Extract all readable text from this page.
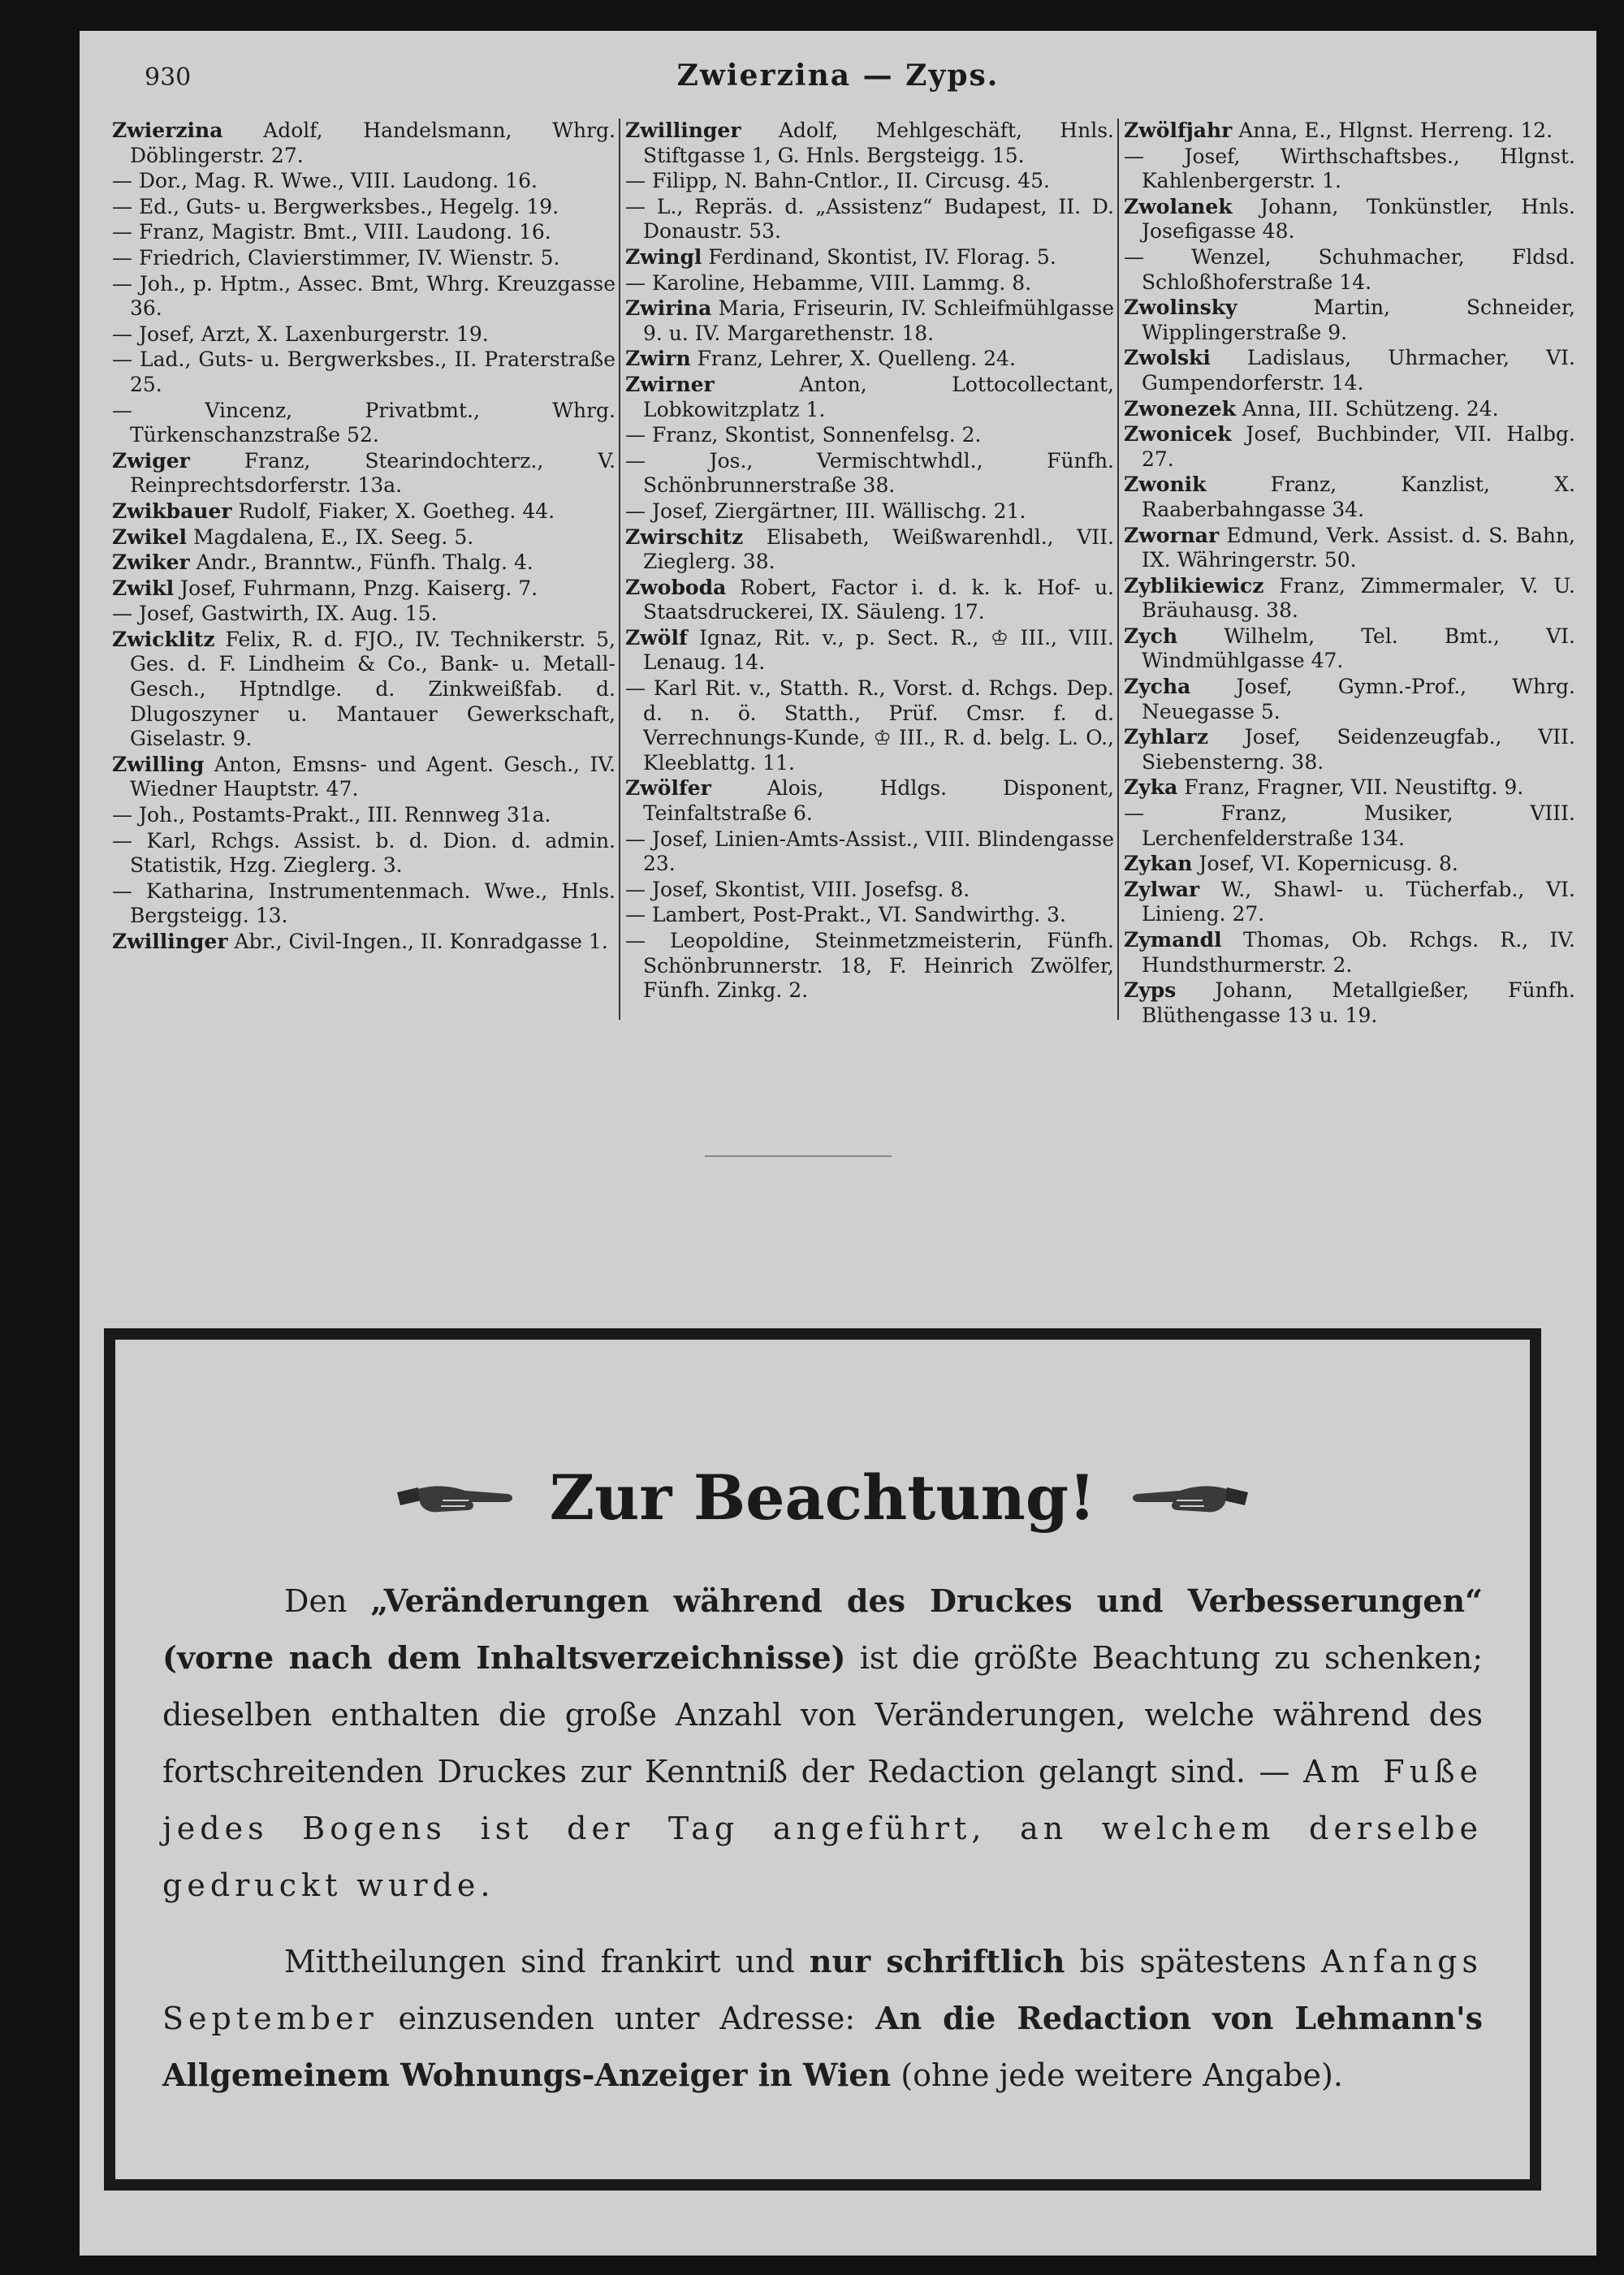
930	Zwierzina — Zyps.
Zwierzina Adolf, Handelsmann, Whrg. Döblingerstr. 27.
— Dor., Mag. R. Wwe., VIII. Laudong. 16.
— Ed., Guts- u. Bergwerksbes., Hegelg. 19.
— Franz, Magistr. Bmt., VIII. Laudong. 16.
— Friedrich, Clavierstimmer, IV. Wienstr. 5.
— Joh., p. Hptm., Assec. Bmt, Whrg. Kreuzgasse 36.
— Josef, Arzt, X. Laxenburgerstr. 19.
— Lad., Guts- u. Bergwerksbes., II. Praterstraße 25.
— Vincenz, Privatbmt., Whrg. Türkenschanzstraße 52.
Zwiger Franz, Stearindochterz., V. Reinprechtsdorferstr. 13a.
Zwikbauer Rudolf, Fiaker, X. Goetheg. 44.
Zwikel Magdalena, E., IX. Seeg. 5.
Zwiker Andr., Branntw., Fünfh. Thalg. 4.
Zwikl Josef, Fuhrmann, Pnzg. Kaiserg. 7.
— Josef, Gastwirth, IX. Aug. 15.
Zwicklitz Felix, R. d. FJO., IV. Technikerstr. 5, Ges. d. F. Lindheim & Co., Bank- u. Metall-Gesch., Hptndlge. d. Zinkweißfab. d. Dlugoszyner u. Mantauer Gewerkschaft, Giselastr. 9.
Zwilling Anton, Emsns- und Agent. Gesch., IV. Wiedner Hauptstr. 47.
— Joh., Postamts-Prakt., III. Rennweg 31a.
— Karl, Rchgs. Assist. b. d. Dion. d. admin. Statistik, Hzg. Zieglerg. 3.
— Katharina, Instrumentenmach. Wwe., Hnls. Bergsteigg. 13.
Zwillinger Abr., Civil-Ingen., II. Konradgasse 1.
Zwillinger Adolf, Mehlgeschäft, Hnls. Stiftgasse 1, G. Hnls. Bergsteigg. 15.
— Filipp, N. Bahn-Cntlor., II. Circusg. 45.
— L., Repräs. d. „Assistenz“ Budapest, II. D. Donaustr. 53.
Zwingl Ferdinand, Skontist, IV. Florag. 5.
— Karoline, Hebamme, VIII. Lammg. 8.
Zwirina Maria, Friseurin, IV. Schleifmühlgasse 9. u. IV. Margarethenstr. 18.
Zwirn Franz, Lehrer, X. Quelleng. 24.
Zwirner Anton, Lottocollectant, Lobkowitzplatz 1.
— Franz, Skontist, Sonnenfelsg. 2.
— Jos., Vermischtwhdl., Fünfh. Schönbrunnerstraße 38.
— Josef, Ziergärtner, III. Wällischg. 21.
Zwirschitz Elisabeth, Weißwarenhdl., VII. Zieglerg. 38.
Zwoboda Robert, Factor i. d. k. k. Hof- u. Staatsdruckerei, IX. Säuleng. 17.
Zwölf Ignaz, Rit. v., p. Sect. R., ♔ III., VIII. Lenaug. 14.
— Karl Rit. v., Statth. R., Vorst. d. Rchgs. Dep. d. n. ö. Statth., Prüf. Cmsr. f. d. Verrechnungs-Kunde, ♔ III., R. d. belg. L. O., Kleeblattg. 11.
Zwölfer Alois, Hdlgs. Disponent, Teinfaltstraße 6.
— Josef, Linien-Amts-Assist., VIII. Blindengasse 23.
— Josef, Skontist, VIII. Josefsg. 8.
— Lambert, Post-Prakt., VI. Sandwirthg. 3.
— Leopoldine, Steinmetzmeisterin, Fünfh. Schönbrunnerstr. 18, F. Heinrich Zwölfer, Fünfh. Zinkg. 2.
Zwölfjahr Anna, E., Hlgnst. Herreng. 12.
— Josef, Wirthschaftsbes., Hlgnst. Kahlenbergerstr. 1.
Zwolanek Johann, Tonkünstler, Hnls. Josefigasse 48.
— Wenzel, Schuhmacher, Fldsd. Schloßhoferstraße 14.
Zwolinsky Martin, Schneider, Wipplingerstraße 9.
Zwolski Ladislaus, Uhrmacher, VI. Gumpendorferstr. 14.
Zwonezek Anna, III. Schützeng. 24.
Zwonicek Josef, Buchbinder, VII. Halbg. 27.
Zwonik Franz, Kanzlist, X. Raaberbahngasse 34.
Zwornar Edmund, Verk. Assist. d. S. Bahn, IX. Währingerstr. 50.
Zyblikiewicz Franz, Zimmermaler, V. U. Bräuhausg. 38.
Zych Wilhelm, Tel. Bmt., VI. Windmühlgasse 47.
Zycha Josef, Gymn.-Prof., Whrg. Neuegasse 5.
Zyhlarz Josef, Seidenzeugfab., VII. Siebensterng. 38.
Zyka Franz, Fragner, VII. Neustiftg. 9.
— Franz, Musiker, VIII. Lerchenfelderstraße 134.
Zykan Josef, VI. Kopernicusg. 8.
Zylwar W., Shawl- u. Tücherfab., VI. Linieng. 27.
Zymandl Thomas, Ob. Rchgs. R., IV. Hundsthurmerstr. 2.
Zyps Johann, Metallgießer, Fünfh. Blüthengasse 13 u. 19.
Zur Beachtung!

Den „Veränderungen während des Druckes und Verbesserungen“ (vorne nach dem Inhaltsverzeichnisse) ist die größte Beachtung zu schenken; dieselben enthalten die große Anzahl von Veränderungen, welche während des fortschreitenden Druckes zur Kenntniß der Redaction gelangt sind. — Am Fuße jedes Bogens ist der Tag angeführt, an welchem derselbe gedruckt wurde.

Mittheilungen sind frankirt und nur schriftlich bis spätestens Anfangs September einzusenden unter Adresse: An die Redaction von Lehmann's Allgemeinem Wohnungs-Anzeiger in Wien (ohne jede weitere Angabe).
